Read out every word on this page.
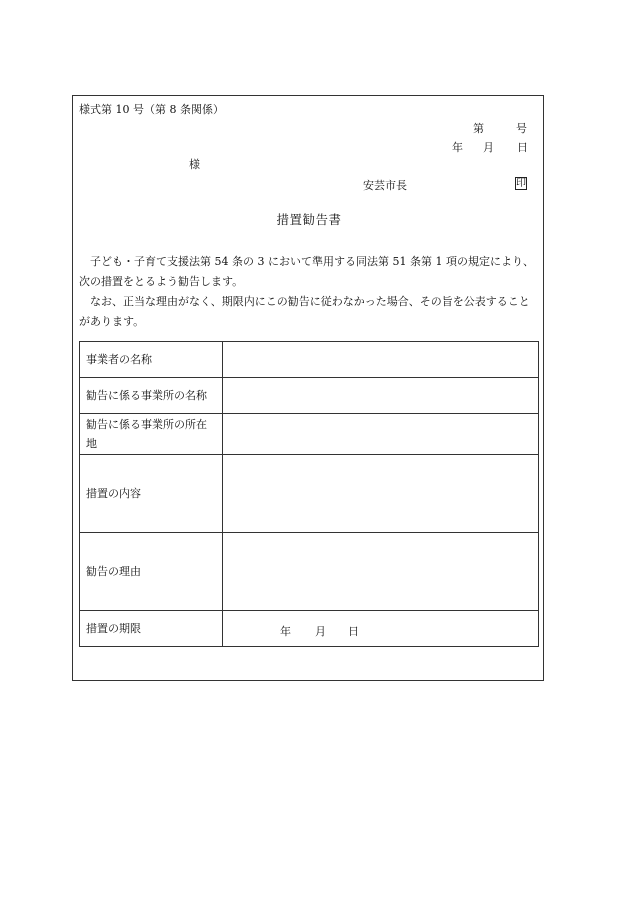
様式第 10 号（第 8 条関係）
第	号
年 月 日
様
安芸市長	印
措置勧告書

子ども・子育て支援法第 54 条の 3 において準用する同法第 51 条第 1 項の規定により、次の措置をとるよう勧告します。

なお、正当な理由がなく、期限内にこの勧告に従わなかった場合、その旨を公表することがあります。

事業者の名称	
勧告に係る事業所の名称	
勧告に係る事業所の所在地	
措置の内容	
勧告の理由	
措置の期限	年 月 日
